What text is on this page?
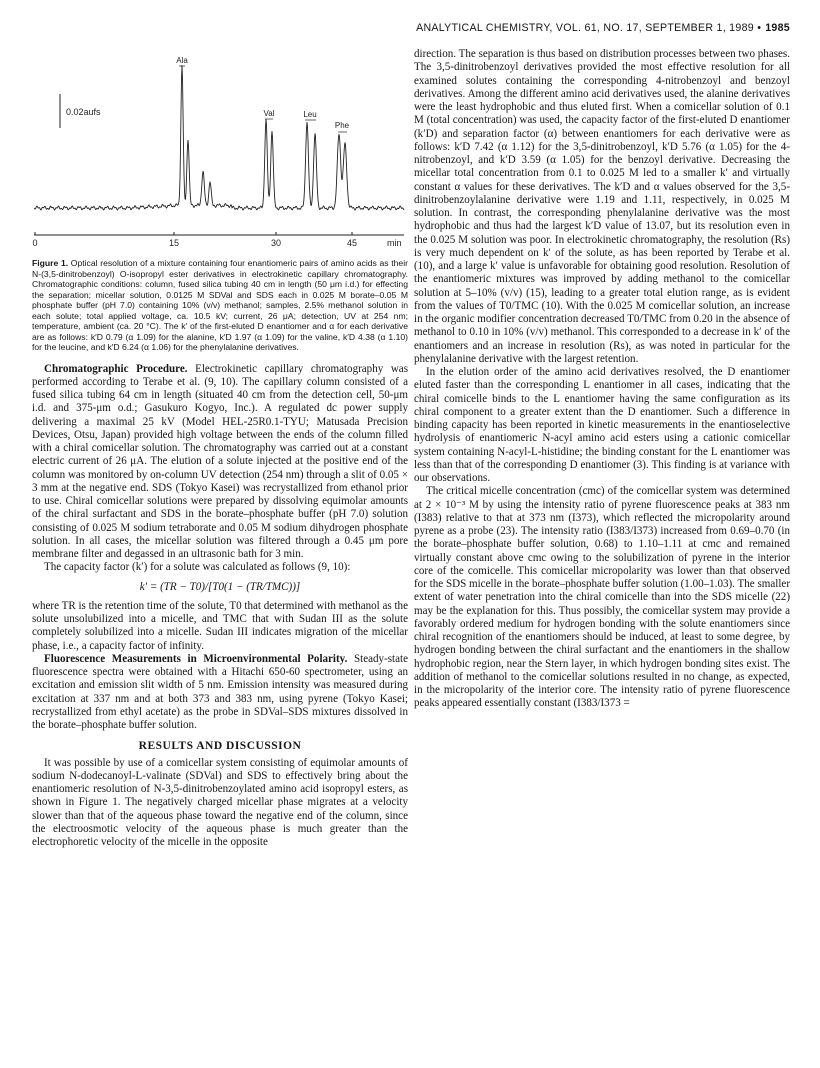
ANALYTICAL CHEMISTRY, VOL. 61, NO. 17, SEPTEMBER 1, 1989 • 1985
0.02aufs
Ala
Val	Leu
Phe
0	15	30	45	min
Figure 1. Optical resolution of a mixture containing four enantiomeric pairs of amino acids as their N-(3,5-dinitrobenzoyl) O-isopropyl ester derivatives in electrokinetic capillary chromatography. Chromatographic conditions: column, fused silica tubing 40 cm in length (50 μm i.d.) for effecting the separation; micellar solution, 0.0125 M SDVal and SDS each in 0.025 M borate–0.05 M phosphate buffer (pH 7.0) containing 10% (v/v) methanol; samples, 2.5% methanol solution in each solute; total applied voltage, ca. 10.5 kV; current, 26 μA; detection, UV at 254 nm; temperature, ambient (ca. 20 °C). The k′ of the first-eluted D enantiomer and α for each derivative are as follows: k′D 0.79 (α 1.09) for the alanine, k′D 1.97 (α 1.09) for the valine, k′D 4.38 (α 1.10) for the leucine, and k′D 6.24 (α 1.06) for the phenylalanine derivatives.

Chromatographic Procedure. Electrokinetic capillary chromatography was performed according to Terabe et al. (9, 10). The capillary column consisted of a fused silica tubing 64 cm in length (situated 40 cm from the detection cell, 50-μm i.d. and 375-μm o.d.; Gasukuro Kogyo, Inc.). A regulated dc power supply delivering a maximal 25 kV (Model HEL-25R0.1-TYU; Matusada Precision Devices, Otsu, Japan) provided high voltage between the ends of the column filled with a chiral comicellar solution. The chromatography was carried out at a constant electric current of 26 μA. The elution of a solute injected at the positive end of the column was monitored by on-column UV detection (254 nm) through a slit of 0.05 × 3 mm at the negative end. SDS (Tokyo Kasei) was recrystallized from ethanol prior to use. Chiral comicellar solutions were prepared by dissolving equimolar amounts of the chiral surfactant and SDS in the borate–phosphate buffer (pH 7.0) solution consisting of 0.025 M sodium tetraborate and 0.05 M sodium dihydrogen phosphate solution. In all cases, the micellar solution was filtered through a 0.45 μm pore membrane filter and degassed in an ultrasonic bath for 3 min.

The capacity factor (k′) for a solute was calculated as follows (9, 10):

k′ = (TR − T0)/[T0(1 − (TR/TMC))]

where TR is the retention time of the solute, T0 that determined with methanol as the solute unsolubilized into a micelle, and TMC that with Sudan III as the solute completely solubilized into a micelle. Sudan III indicates migration of the micellar phase, i.e., a capacity factor of infinity.

Fluorescence Measurements in Microenvironmental Polarity. Steady-state fluorescence spectra were obtained with a Hitachi 650-60 spectrometer, using an excitation and emission slit width of 5 nm. Emission intensity was measured during excitation at 337 nm and at both 373 and 383 nm, using pyrene (Tokyo Kasei; recrystallized from ethyl acetate) as the probe in SDVal–SDS mixtures dissolved in the borate–phosphate buffer solution.

RESULTS AND DISCUSSION

It was possible by use of a comicellar system consisting of equimolar amounts of sodium N-dodecanoyl-L-valinate (SDVal) and SDS to effectively bring about the enantiomeric resolution of N-3,5-dinitrobenzoylated amino acid isopropyl esters, as shown in Figure 1. The negatively charged micellar phase migrates at a velocity slower than that of the aqueous phase toward the negative end of the column, since the electroosmotic velocity of the aqueous phase is much greater than the electrophoretic velocity of the micelle in the opposite

direction. The separation is thus based on distribution processes between two phases. The 3,5-dinitrobenzoyl derivatives provided the most effective resolution for all examined solutes containing the corresponding 4-nitrobenzoyl and benzoyl derivatives. Among the different amino acid derivatives used, the alanine derivatives were the least hydrophobic and thus eluted first. When a comicellar solution of 0.1 M (total concentration) was used, the capacity factor of the first-eluted D enantiomer (k′D) and separation factor (α) between enantiomers for each derivative were as follows: k′D 7.42 (α 1.12) for the 3,5-dinitrobenzoyl, k′D 5.76 (α 1.05) for the 4-nitrobenzoyl, and k′D 3.59 (α 1.05) for the benzoyl derivative. Decreasing the micellar total concentration from 0.1 to 0.025 M led to a smaller k′ and virtually constant α values for these derivatives. The k′D and α values observed for the 3,5-dinitrobenzoylalanine derivative were 1.19 and 1.11, respectively, in 0.025 M solution. In contrast, the corresponding phenylalanine derivative was the most hydrophobic and thus had the largest k′D value of 13.07, but its resolution even in the 0.025 M solution was poor. In electrokinetic chromatography, the resolution (Rs) is very much dependent on k′ of the solute, as has been reported by Terabe et al. (10), and a large k′ value is unfavorable for obtaining good resolution. Resolution of the enantiomeric mixtures was improved by adding methanol to the comicellar solution at 5–10% (v/v) (15), leading to a greater total elution range, as is evident from the values of T0/TMC (10). With the 0.025 M comicellar solution, an increase in the organic modifier concentration decreased T0/TMC from 0.20 in the absence of methanol to 0.10 in 10% (v/v) methanol. This corresponded to a decrease in k′ of the enantiomers and an increase in resolution (Rs), as was noted in particular for the phenylalanine derivative with the largest retention.

In the elution order of the amino acid derivatives resolved, the D enantiomer eluted faster than the corresponding L enantiomer in all cases, indicating that the chiral comicelle binds to the L enantiomer having the same configuration as its chiral component to a greater extent than the D enantiomer. Such a difference in binding capacity has been reported in kinetic measurements in the enantioselective hydrolysis of enantiomeric N-acyl amino acid esters using a cationic comicellar system containing N-acyl-L-histidine; the binding constant for the L enantiomer was less than that of the corresponding D enantiomer (3). This finding is at variance with our observations.

The critical micelle concentration (cmc) of the comicellar system was determined at 2 × 10⁻³ M by using the intensity ratio of pyrene fluorescence peaks at 383 nm (I383) relative to that at 373 nm (I373), which reflected the micropolarity around pyrene as a probe (23). The intensity ratio (I383/I373) increased from 0.69–0.70 (in the borate–phosphate buffer solution, 0.68) to 1.10–1.11 at cmc and remained virtually constant above cmc owing to the solubilization of pyrene in the interior core of the comicelle. This comicellar micropolarity was lower than that observed for the SDS micelle in the borate–phosphate buffer solution (1.00–1.03). The smaller extent of water penetration into the chiral comicelle than into the SDS micelle (22) may be the explanation for this. Thus possibly, the comicellar system may provide a favorably ordered medium for hydrogen bonding with the solute enantiomers since chiral recognition of the enantiomers should be induced, at least to some degree, by hydrogen bonding between the chiral surfactant and the enantiomers in the shallow hydrophobic region, near the Stern layer, in which hydrogen bonding sites exist. The addition of methanol to the comicellar solutions resulted in no change, as expected, in the micropolarity of the interior core. The intensity ratio of pyrene fluorescence peaks appeared essentially constant (I383/I373 =
